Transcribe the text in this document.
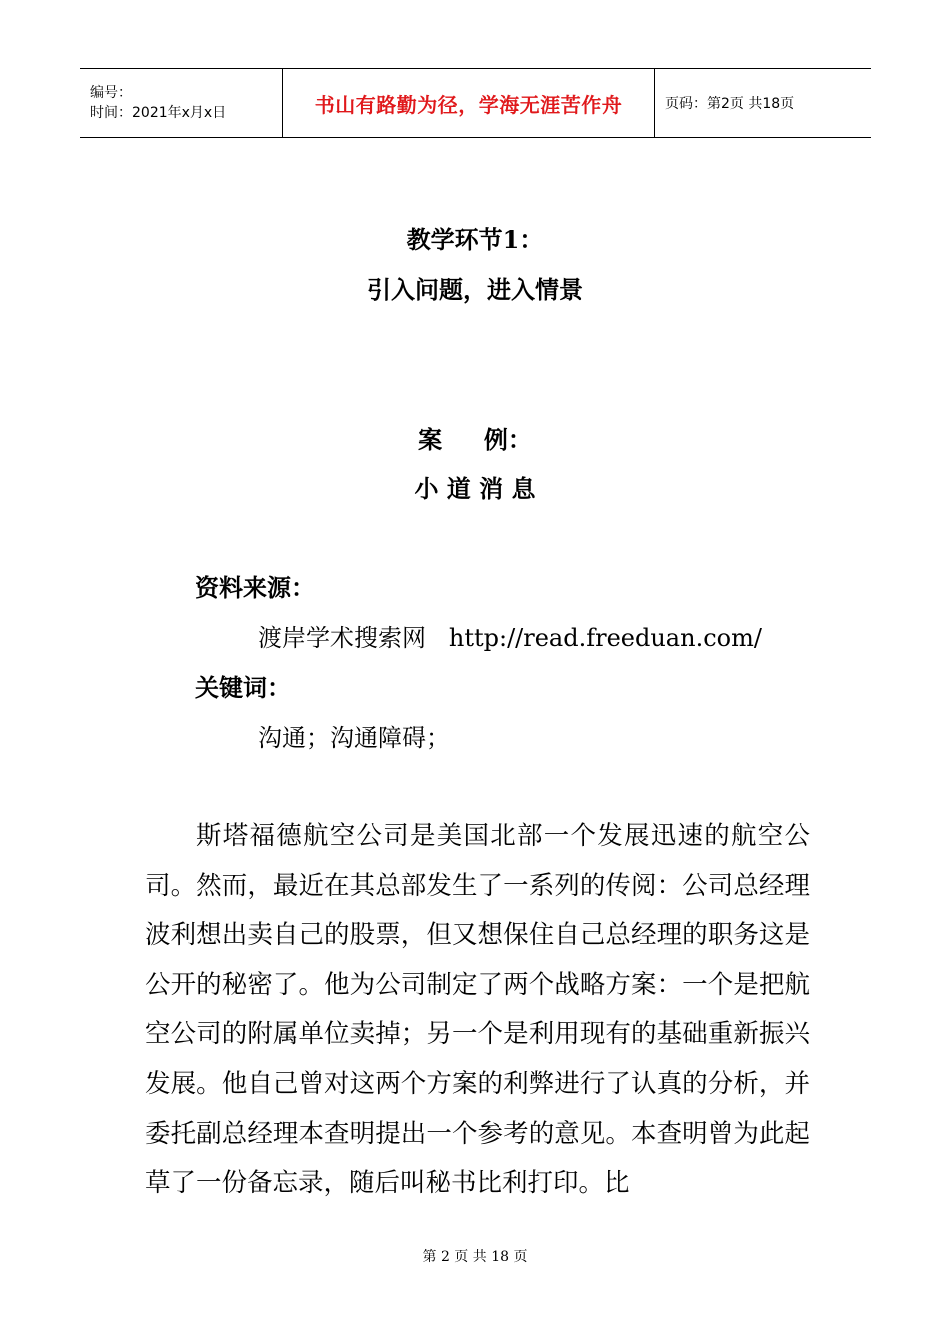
编号：
时间：2021年x月x日	书山有路勤为径，学海无涯苦作舟	页码：第2页 共18页
教学环节1：
引入问题，进入情景
案     例：
小 道 消 息
资料来源：
渡岸学术搜索网   http://read.freeduan.com/
关键词：
沟通；沟通障碍；
斯塔福德航空公司是美国北部一个发展迅速的航空公司。然而，最近在其总部发生了一系列的传阅：公司总经理波利想出卖自己的股票，但又想保住自己总经理的职务这是公开的秘密了。他为公司制定了两个战略方案：一个是把航空公司的附属单位卖掉；另一个是利用现有的基础重新振兴发展。他自己曾对这两个方案的利弊进行了认真的分析，并委托副总经理本查明提出一个参考的意见。本查明曾为此起草了一份备忘录，随后叫秘书比利打印。比
第 2 页 共 18 页
